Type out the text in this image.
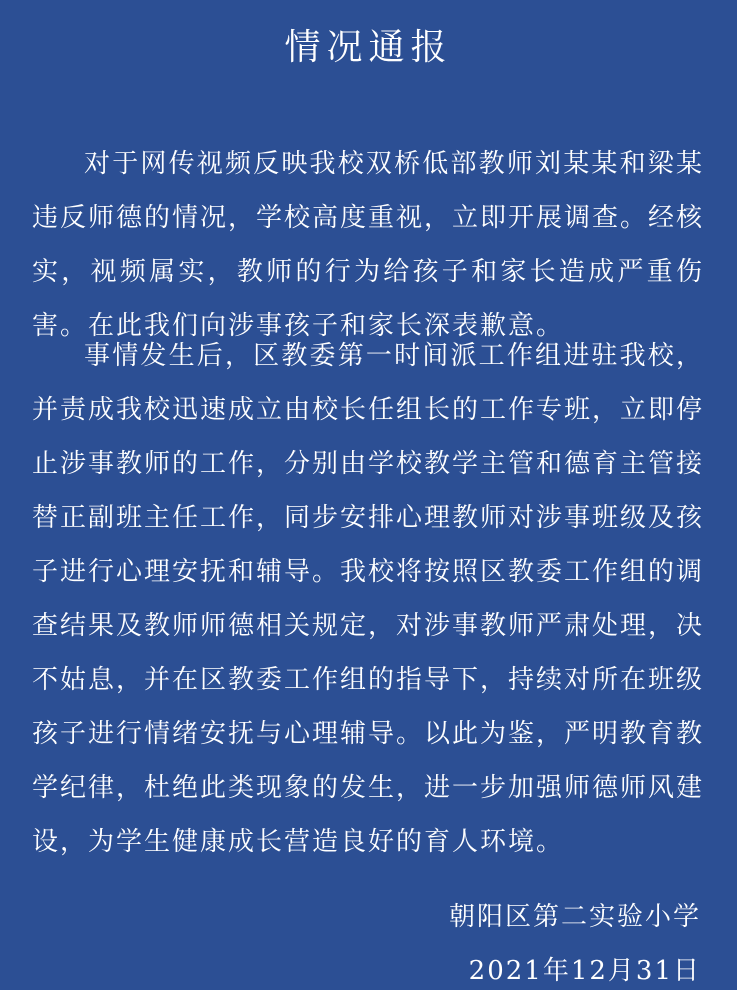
情况通报

对于网传视频反映我校双桥低部教师刘某某和梁某违反师德的情况，学校高度重视，立即开展调查。经核实，视频属实，教师的行为给孩子和家长造成严重伤害。在此我们向涉事孩子和家长深表歉意。

事情发生后，区教委第一时间派工作组进驻我校，并责成我校迅速成立由校长任组长的工作专班，立即停止涉事教师的工作，分别由学校教学主管和德育主管接替正副班主任工作，同步安排心理教师对涉事班级及孩子进行心理安抚和辅导。我校将按照区教委工作组的调查结果及教师师德相关规定，对涉事教师严肃处理，决不姑息，并在区教委工作组的指导下，持续对所在班级孩子进行情绪安抚与心理辅导。以此为鉴，严明教育教学纪律，杜绝此类现象的发生，进一步加强师德师风建设，为学生健康成长营造良好的育人环境。

朝阳区第二实验小学
2021年12月31日
